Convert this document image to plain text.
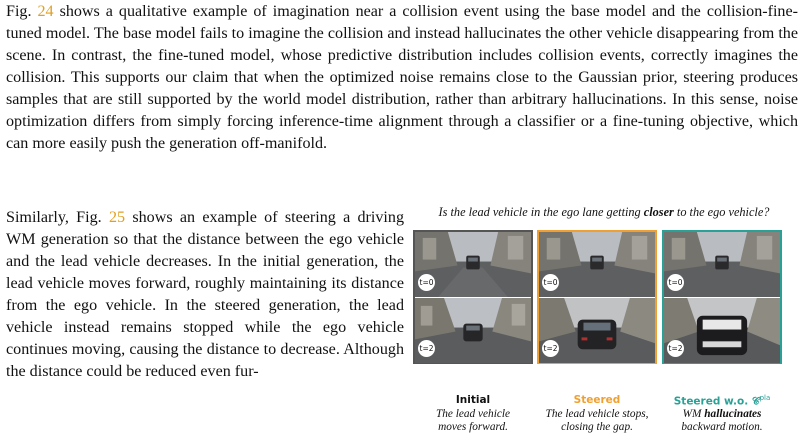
Fig. 24 shows a qualitative example of imagination near a collision event using the base model and the collision-fine-tuned model. The base model fails to imagine the collision and instead hallucinates the other vehicle disappearing from the scene. In contrast, the fine-tuned model, whose predictive distribution includes collision events, correctly imagines the collision. This supports our claim that when the optimized noise remains close to the Gaussian prior, steering produces samples that are still supported by the world model distribution, rather than arbitrary hallucinations. In this sense, noise optimization differs from simply forcing inference-time alignment through a classifier or a fine-tuning objective, which can more easily push the generation off-manifold.

Similarly, Fig. 25 shows an example of steering a driving WM generation so that the distance between the ego vehicle and the lead vehicle decreases. In the initial generation, the lead vehicle moves forward, roughly maintaining its distance from the ego vehicle. In the steered generation, the lead vehicle instead remains stopped while the ego vehicle continues moving, causing the distance to decrease. Although the distance could be reduced even fur-

Is the lead vehicle in the ego lane getting closer to the ego vehicle?
t=0
t=2
t=0
t=2
t=0
t=2
Initial	Steered	Steered w.o. 𝒞$^{pla}$
The lead vehicle
moves forward.
The lead vehicle stops,
closing the gap.
WM hallucinates
backward motion.
